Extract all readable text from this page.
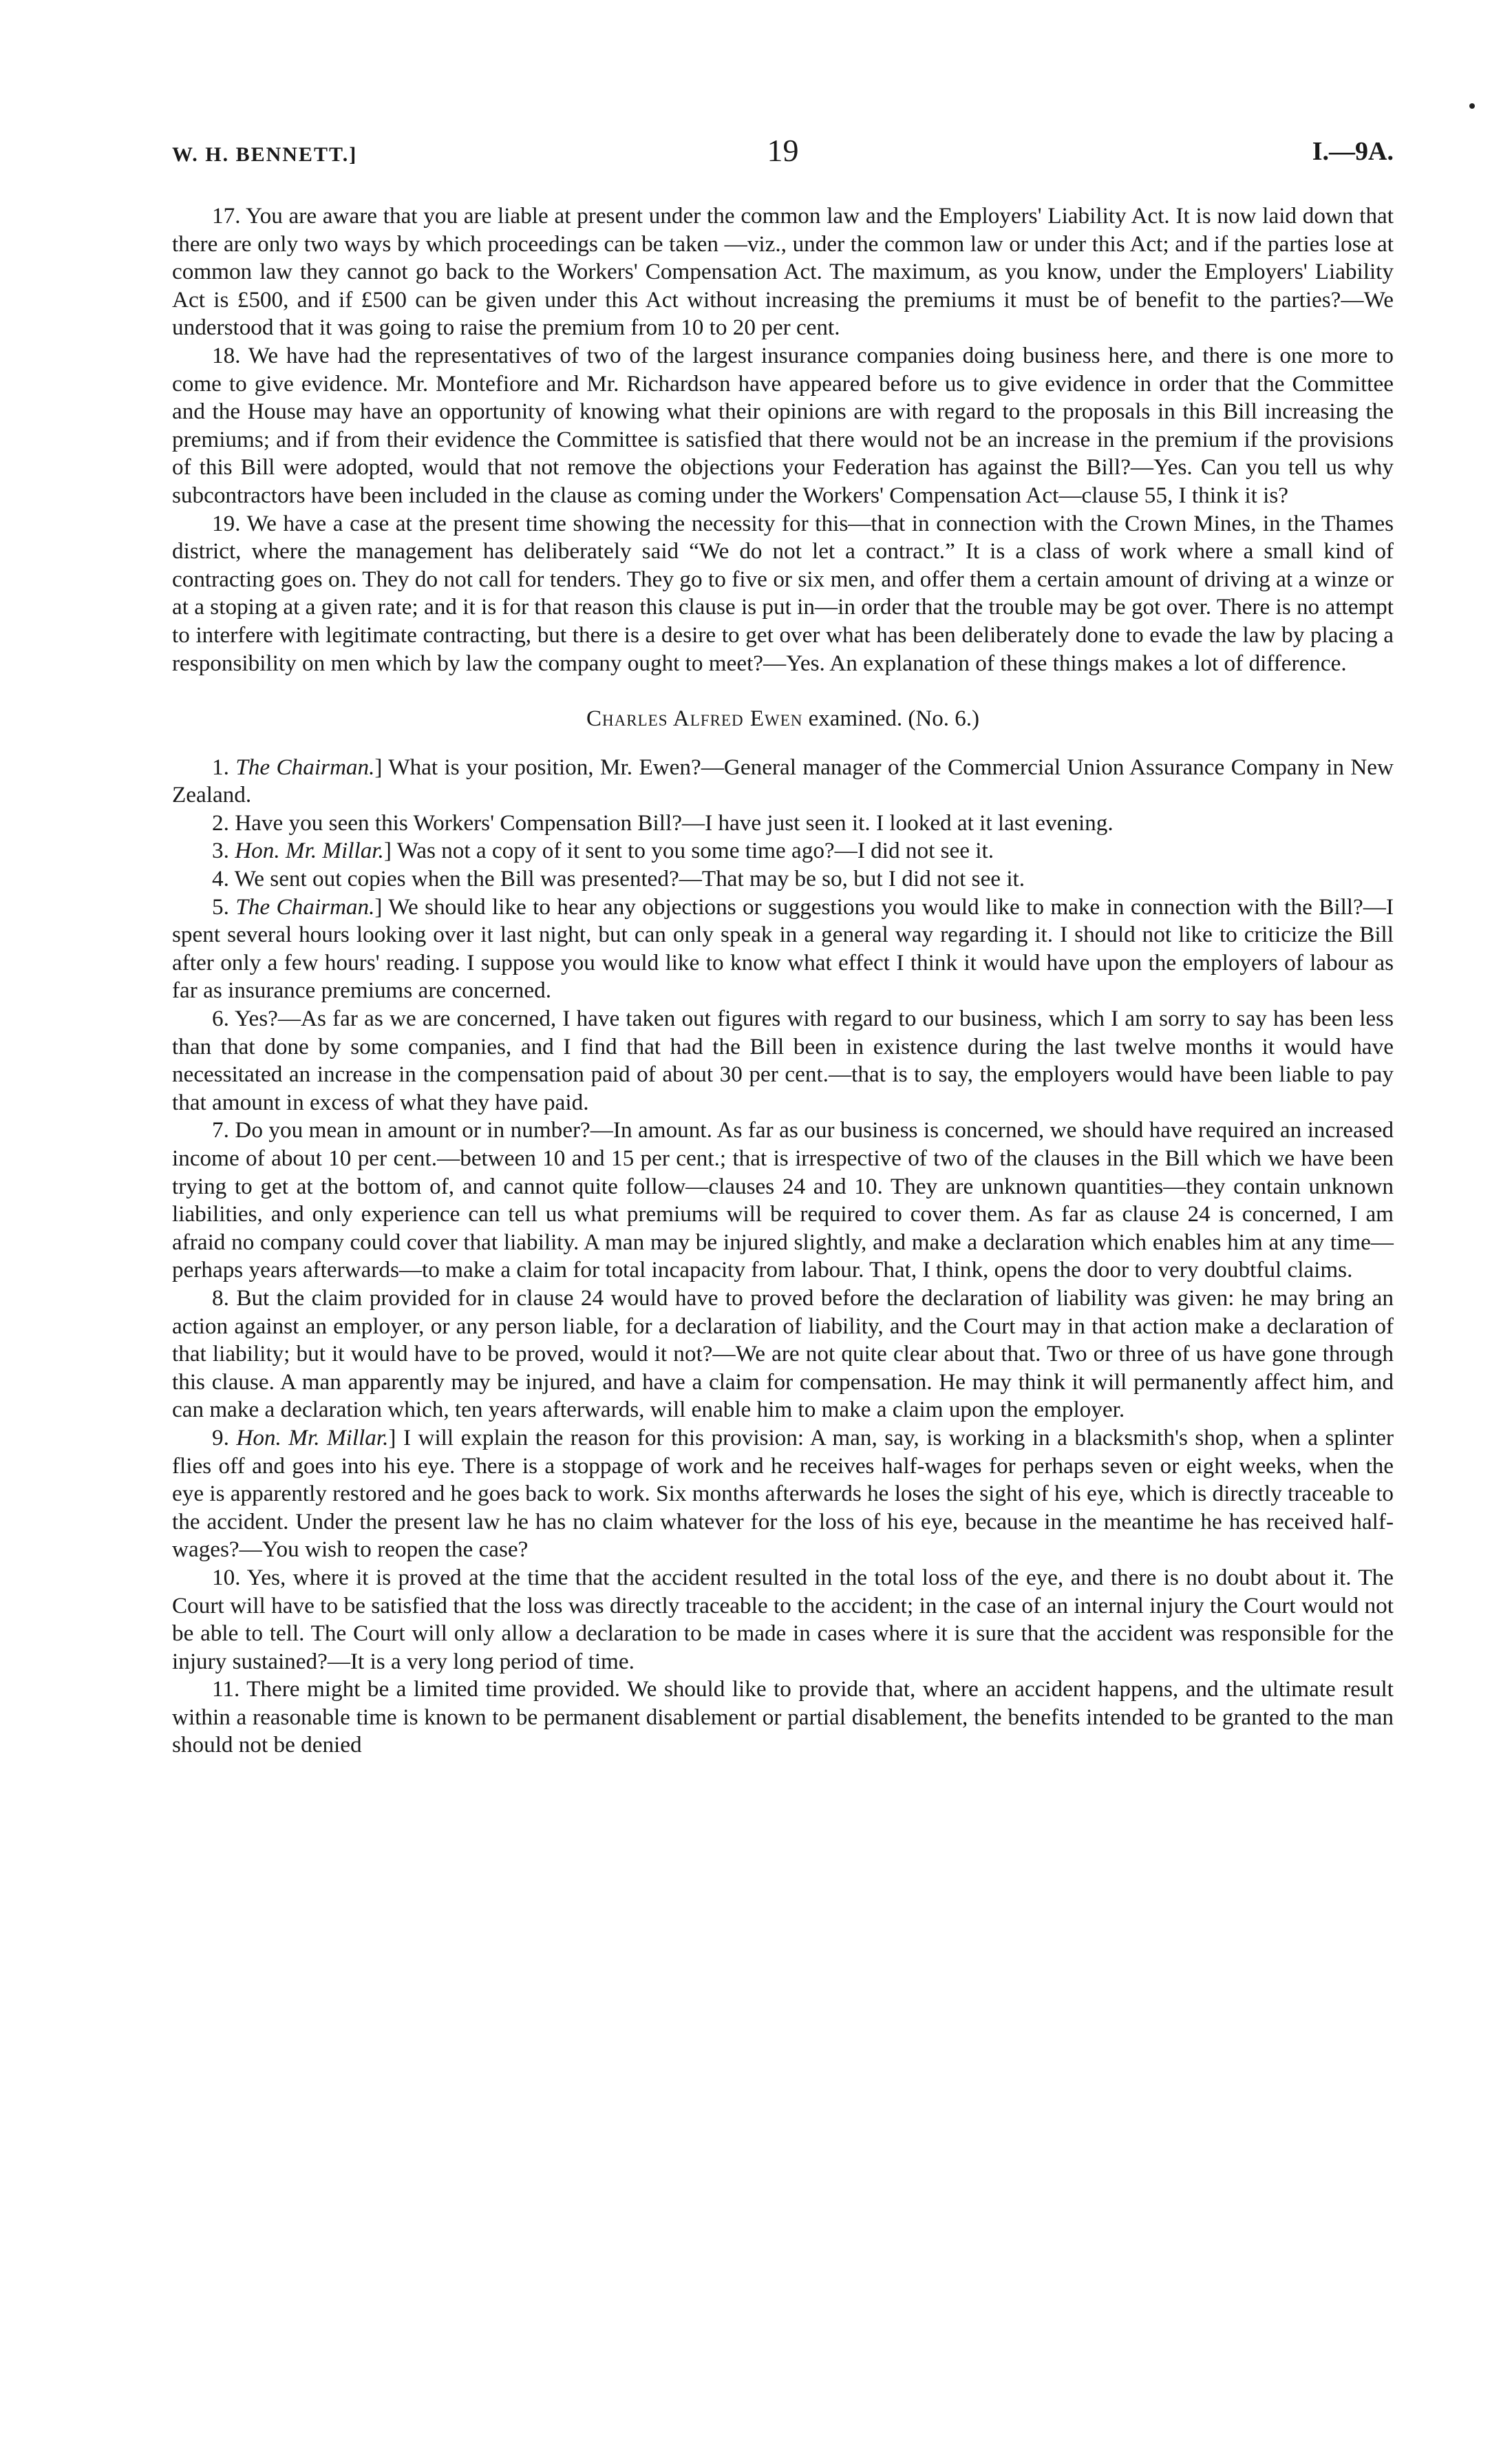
W. H. BENNETT.]	19	I.—9A.

17. You are aware that you are liable at present under the common law and the Employers' Liability Act. It is now laid down that there are only two ways by which proceedings can be taken —viz., under the common law or under this Act; and if the parties lose at common law they cannot go back to the Workers' Compensation Act. The maximum, as you know, under the Employers' Liability Act is £500, and if £500 can be given under this Act without increasing the premiums it must be of benefit to the parties?—We understood that it was going to raise the premium from 10 to 20 per cent.

18. We have had the representatives of two of the largest insurance companies doing business here, and there is one more to come to give evidence. Mr. Montefiore and Mr. Richardson have appeared before us to give evidence in order that the Committee and the House may have an opportunity of knowing what their opinions are with regard to the proposals in this Bill increasing the premiums; and if from their evidence the Committee is satisfied that there would not be an increase in the premium if the provisions of this Bill were adopted, would that not remove the objections your Federation has against the Bill?—Yes. Can you tell us why subcontractors have been included in the clause as coming under the Workers' Compensation Act—clause 55, I think it is?

19. We have a case at the present time showing the necessity for this—that in connection with the Crown Mines, in the Thames district, where the management has deliberately said “We do not let a contract.” It is a class of work where a small kind of contracting goes on. They do not call for tenders. They go to five or six men, and offer them a certain amount of driving at a winze or at a stoping at a given rate; and it is for that reason this clause is put in—in order that the trouble may be got over. There is no attempt to interfere with legitimate contracting, but there is a desire to get over what has been deliberately done to evade the law by placing a responsibility on men which by law the company ought to meet?—Yes. An explanation of these things makes a lot of difference.

Charles Alfred Ewen examined. (No. 6.)

1. The Chairman.] What is your position, Mr. Ewen?—General manager of the Commercial Union Assurance Company in New Zealand.

2. Have you seen this Workers' Compensation Bill?—I have just seen it. I looked at it last evening.

3. Hon. Mr. Millar.] Was not a copy of it sent to you some time ago?—I did not see it.

4. We sent out copies when the Bill was presented?—That may be so, but I did not see it.

5. The Chairman.] We should like to hear any objections or suggestions you would like to make in connection with the Bill?—I spent several hours looking over it last night, but can only speak in a general way regarding it. I should not like to criticize the Bill after only a few hours' reading. I suppose you would like to know what effect I think it would have upon the employers of labour as far as insurance premiums are concerned.

6. Yes?—As far as we are concerned, I have taken out figures with regard to our business, which I am sorry to say has been less than that done by some companies, and I find that had the Bill been in existence during the last twelve months it would have necessitated an increase in the compensation paid of about 30 per cent.—that is to say, the employers would have been liable to pay that amount in excess of what they have paid.

7. Do you mean in amount or in number?—In amount. As far as our business is concerned, we should have required an increased income of about 10 per cent.—between 10 and 15 per cent.; that is irrespective of two of the clauses in the Bill which we have been trying to get at the bottom of, and cannot quite follow—clauses 24 and 10. They are unknown quantities—they contain unknown liabilities, and only experience can tell us what premiums will be required to cover them. As far as clause 24 is concerned, I am afraid no company could cover that liability. A man may be injured slightly, and make a declaration which enables him at any time—perhaps years afterwards—to make a claim for total incapacity from labour. That, I think, opens the door to very doubtful claims.

8. But the claim provided for in clause 24 would have to proved before the declaration of liability was given: he may bring an action against an employer, or any person liable, for a declaration of liability, and the Court may in that action make a declaration of that liability; but it would have to be proved, would it not?—We are not quite clear about that. Two or three of us have gone through this clause. A man apparently may be injured, and have a claim for compensation. He may think it will permanently affect him, and can make a declaration which, ten years afterwards, will enable him to make a claim upon the employer.

9. Hon. Mr. Millar.] I will explain the reason for this provision: A man, say, is working in a blacksmith's shop, when a splinter flies off and goes into his eye. There is a stoppage of work and he receives half-wages for perhaps seven or eight weeks, when the eye is apparently restored and he goes back to work. Six months afterwards he loses the sight of his eye, which is directly traceable to the accident. Under the present law he has no claim whatever for the loss of his eye, because in the meantime he has received half-wages?—You wish to reopen the case?

10. Yes, where it is proved at the time that the accident resulted in the total loss of the eye, and there is no doubt about it. The Court will have to be satisfied that the loss was directly traceable to the accident; in the case of an internal injury the Court would not be able to tell. The Court will only allow a declaration to be made in cases where it is sure that the accident was responsible for the injury sustained?—It is a very long period of time.

11. There might be a limited time provided. We should like to provide that, where an accident happens, and the ultimate result within a reasonable time is known to be permanent disablement or partial disablement, the benefits intended to be granted to the man should not be denied
